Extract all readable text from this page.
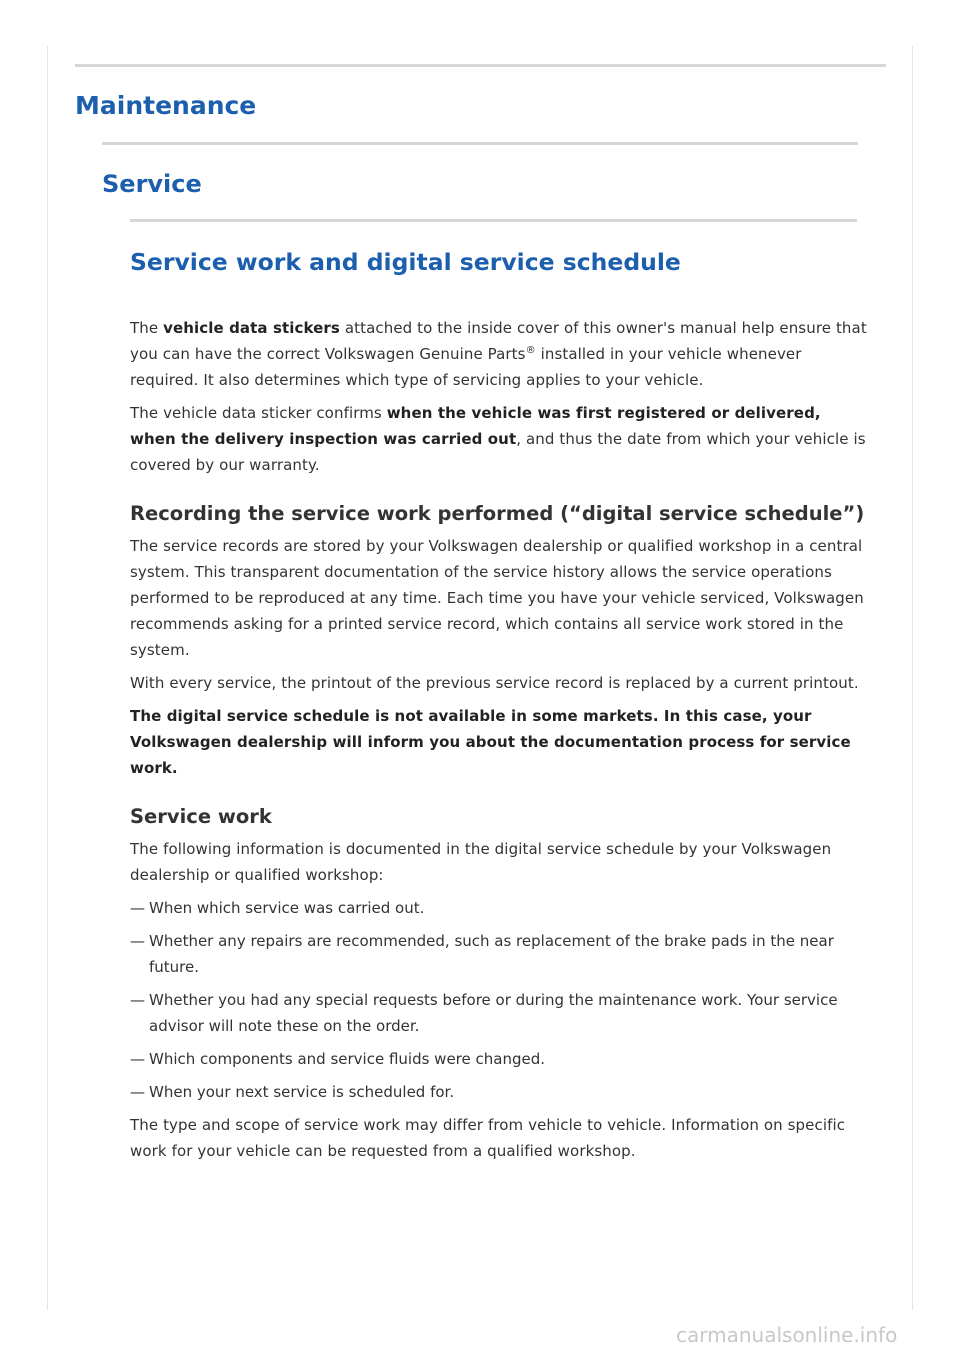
Maintenance
Service
Service work and digital service schedule

The vehicle data stickers attached to the inside cover of this owner's manual help ensure that you can have the correct Volkswagen Genuine Parts® installed in your vehicle whenever required. It also determines which type of servicing applies to your vehicle.

The vehicle data sticker confirms when the vehicle was first registered or delivered, when the delivery inspection was carried out, and thus the date from which your vehicle is covered by our warranty.

Recording the service work performed (“digital service schedule”)

The service records are stored by your Volkswagen dealership or qualified workshop in a central system. This transparent documentation of the service history allows the service operations performed to be reproduced at any time. Each time you have your vehicle serviced, Volkswagen recommends asking for a printed service record, which contains all service work stored in the system.

With every service, the printout of the previous service record is replaced by a current printout.

The digital service schedule is not available in some markets. In this case, your Volkswagen dealership will inform you about the documentation process for service work.

Service work

The following information is documented in the digital service schedule by your Volkswagen dealership or qualified workshop:

— When which service was carried out.
— Whether any repairs are recommended, such as replacement of the brake pads in the near future.
— Whether you had any special requests before or during the maintenance work. Your service advisor will note these on the order.
— Which components and service fluids were changed.
— When your next service is scheduled for.

The type and scope of service work may differ from vehicle to vehicle. Information on specific work for your vehicle can be requested from a qualified workshop.

carmanualsonline.info
